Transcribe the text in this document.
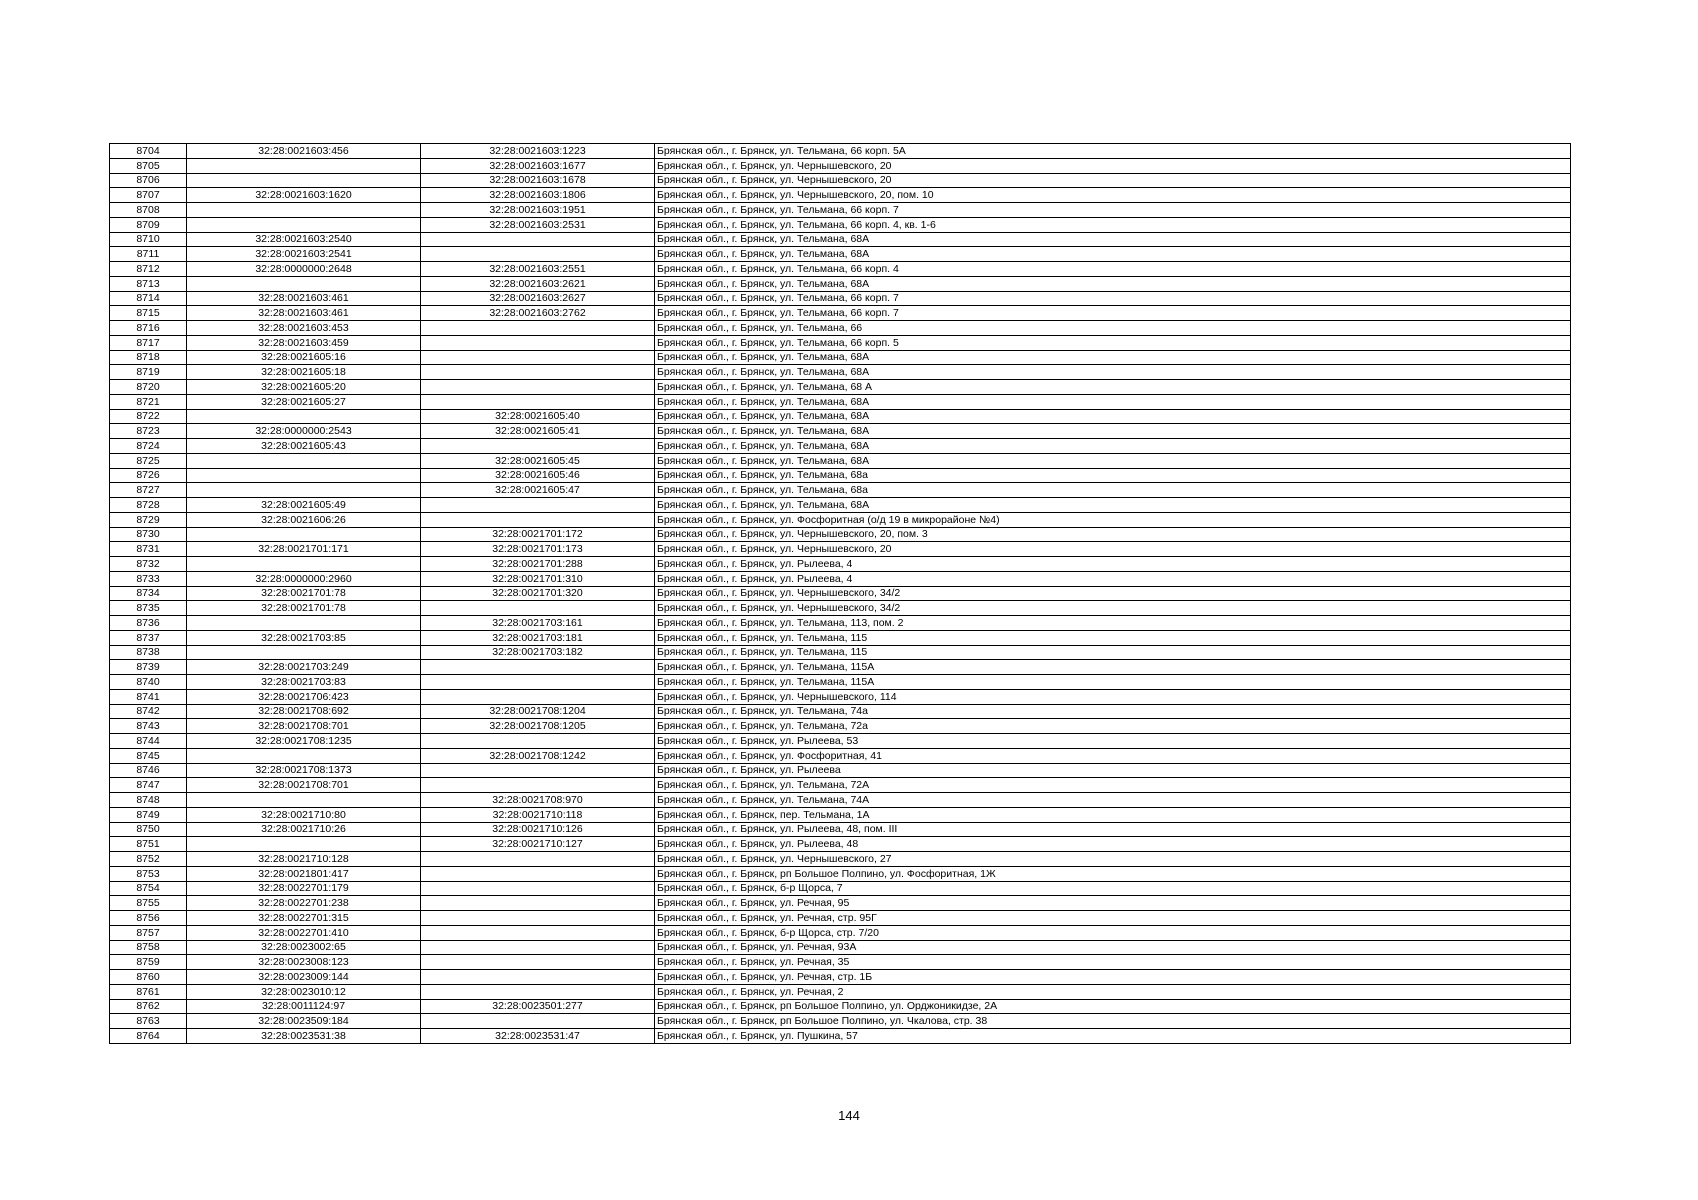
8704	32:28:0021603:456	32:28:0021603:1223	Брянская обл., г. Брянск, ул. Тельмана, 66 корп. 5А
8705		32:28:0021603:1677	Брянская обл., г. Брянск, ул. Чернышевского, 20
8706		32:28:0021603:1678	Брянская обл., г. Брянск, ул. Чернышевского, 20
8707	32:28:0021603:1620	32:28:0021603:1806	Брянская обл., г. Брянск, ул. Чернышевского, 20, пом. 10
8708		32:28:0021603:1951	Брянская обл., г. Брянск, ул. Тельмана, 66 корп. 7
8709		32:28:0021603:2531	Брянская обл., г. Брянск, ул. Тельмана, 66 корп. 4, кв. 1-6
8710	32:28:0021603:2540		Брянская обл., г. Брянск, ул. Тельмана, 68А
8711	32:28:0021603:2541		Брянская обл., г. Брянск, ул. Тельмана, 68А
8712	32:28:0000000:2648	32:28:0021603:2551	Брянская обл., г. Брянск, ул. Тельмана, 66 корп. 4
8713		32:28:0021603:2621	Брянская обл., г. Брянск, ул. Тельмана, 68А
8714	32:28:0021603:461	32:28:0021603:2627	Брянская обл., г. Брянск, ул. Тельмана, 66 корп. 7
8715	32:28:0021603:461	32:28:0021603:2762	Брянская обл., г. Брянск, ул. Тельмана, 66 корп. 7
8716	32:28:0021603:453		Брянская обл., г. Брянск, ул. Тельмана, 66
8717	32:28:0021603:459		Брянская обл., г. Брянск, ул. Тельмана, 66 корп. 5
8718	32:28:0021605:16		Брянская обл., г. Брянск, ул. Тельмана, 68А
8719	32:28:0021605:18		Брянская обл., г. Брянск, ул. Тельмана, 68А
8720	32:28:0021605:20		Брянская обл., г. Брянск, ул. Тельмана, 68 А
8721	32:28:0021605:27		Брянская обл., г. Брянск, ул. Тельмана, 68А
8722		32:28:0021605:40	Брянская обл., г. Брянск, ул. Тельмана, 68А
8723	32:28:0000000:2543	32:28:0021605:41	Брянская обл., г. Брянск, ул. Тельмана, 68А
8724	32:28:0021605:43		Брянская обл., г. Брянск, ул. Тельмана, 68А
8725		32:28:0021605:45	Брянская обл., г. Брянск, ул. Тельмана, 68А
8726		32:28:0021605:46	Брянская обл., г. Брянск, ул. Тельмана, 68а
8727		32:28:0021605:47	Брянская обл., г. Брянск, ул. Тельмана, 68а
8728	32:28:0021605:49		Брянская обл., г. Брянск, ул. Тельмана, 68А
8729	32:28:0021606:26		Брянская обл., г. Брянск, ул. Фосфоритная (о/д 19 в микрорайоне №4)
8730		32:28:0021701:172	Брянская обл., г. Брянск, ул. Чернышевского, 20, пом. 3
8731	32:28:0021701:171	32:28:0021701:173	Брянская обл., г. Брянск, ул. Чернышевского, 20
8732		32:28:0021701:288	Брянская обл., г. Брянск, ул. Рылеева, 4
8733	32:28:0000000:2960	32:28:0021701:310	Брянская обл., г. Брянск, ул. Рылеева, 4
8734	32:28:0021701:78	32:28:0021701:320	Брянская обл., г. Брянск, ул. Чернышевского, 34/2
8735	32:28:0021701:78		Брянская обл., г. Брянск, ул. Чернышевского, 34/2
8736		32:28:0021703:161	Брянская обл., г. Брянск, ул. Тельмана, 113, пом. 2
8737	32:28:0021703:85	32:28:0021703:181	Брянская обл., г. Брянск, ул. Тельмана, 115
8738		32:28:0021703:182	Брянская обл., г. Брянск, ул. Тельмана, 115
8739	32:28:0021703:249		Брянская обл., г. Брянск, ул. Тельмана, 115А
8740	32:28:0021703:83		Брянская обл., г. Брянск, ул. Тельмана, 115А
8741	32:28:0021706:423		Брянская обл., г. Брянск, ул. Чернышевского, 114
8742	32:28:0021708:692	32:28:0021708:1204	Брянская обл., г. Брянск, ул. Тельмана, 74а
8743	32:28:0021708:701	32:28:0021708:1205	Брянская обл., г. Брянск, ул. Тельмана, 72а
8744	32:28:0021708:1235		Брянская обл., г. Брянск, ул. Рылеева, 53
8745		32:28:0021708:1242	Брянская обл., г. Брянск, ул. Фосфоритная, 41
8746	32:28:0021708:1373		Брянская обл., г. Брянск, ул. Рылеева
8747	32:28:0021708:701		Брянская обл., г. Брянск, ул. Тельмана, 72А
8748		32:28:0021708:970	Брянская обл., г. Брянск, ул. Тельмана, 74А
8749	32:28:0021710:80	32:28:0021710:118	Брянская обл., г. Брянск, пер. Тельмана, 1А
8750	32:28:0021710:26	32:28:0021710:126	Брянская обл., г. Брянск, ул. Рылеева, 48, пом. III
8751		32:28:0021710:127	Брянская обл., г. Брянск, ул. Рылеева, 48
8752	32:28:0021710:128		Брянская обл., г. Брянск, ул. Чернышевского, 27
8753	32:28:0021801:417		Брянская обл., г. Брянск, рп Большое Полпино, ул. Фосфоритная, 1Ж
8754	32:28:0022701:179		Брянская обл., г. Брянск, б-р Щорса, 7
8755	32:28:0022701:238		Брянская обл., г. Брянск, ул. Речная, 95
8756	32:28:0022701:315		Брянская обл., г. Брянск, ул. Речная, стр. 95Г
8757	32:28:0022701:410		Брянская обл., г. Брянск, б-р Щорса, стр. 7/20
8758	32:28:0023002:65		Брянская обл., г. Брянск, ул. Речная, 93А
8759	32:28:0023008:123		Брянская обл., г. Брянск, ул. Речная, 35
8760	32:28:0023009:144		Брянская обл., г. Брянск, ул. Речная, стр. 1Б
8761	32:28:0023010:12		Брянская обл., г. Брянск, ул. Речная, 2
8762	32:28:0011124:97	32:28:0023501:277	Брянская обл., г. Брянск, рп Большое Полпино, ул. Орджоникидзе, 2А
8763	32:28:0023509:184		Брянская обл., г. Брянск, рп Большое Полпино, ул. Чкалова, стр. 38
8764	32:28:0023531:38	32:28:0023531:47	Брянская обл., г. Брянск, ул. Пушкина, 57
144
